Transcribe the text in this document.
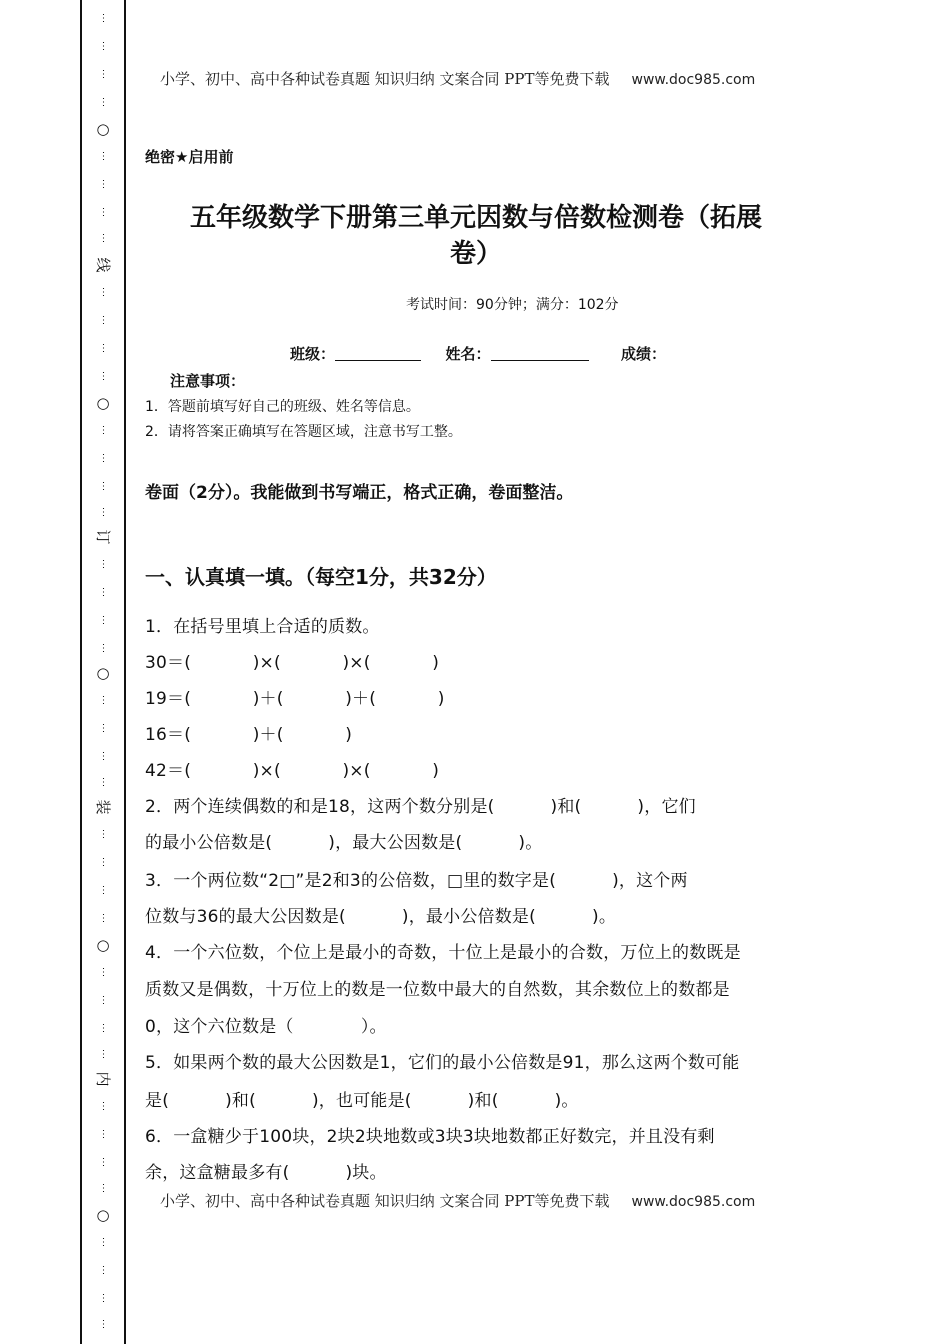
⋮
⋮
⋮
⋮
○
⋮
⋮
⋮
⋮
线
⋮
⋮
⋮
⋮
○
⋮
⋮
⋮
⋮
订
⋮
⋮
⋮
⋮
○
⋮
⋮
⋮
⋮
装
⋮
⋮
⋮
⋮
○
⋮
⋮
⋮
⋮
内
⋮
⋮
⋮
⋮
○
⋮
⋮
⋮
⋮
小学、初中、高中各种试卷真题 知识归纳 文案合同 PPT等免费下载 www.doc985.com
绝密★启用前
五年级数学下册第三单元因数与倍数检测卷（拓展
卷）
考试时间：90分钟；满分：102分
班级：	姓名：	成绩：
注意事项：
1．答题前填写好自己的班级、姓名等信息。
2．请将答案正确填写在答题区域，注意书写工整。
卷面（2分）。我能做到书写端正，格式正确，卷面整洁。
一、认真填一填。（每空1分，共32分）
1．在括号里填上合适的质数。
30＝(           )×(           )×(           )
19＝(           )＋(           )＋(           )
16＝(           )＋(           )
42＝(           )×(           )×(           )
2．两个连续偶数的和是18，这两个数分别是(          )和(          )，它们
的最小公倍数是(          )，最大公因数是(          )。
3．一个两位数“2□”是2和3的公倍数，□里的数字是(          )，这个两
位数与36的最大公因数是(          )，最小公倍数是(          )。
4．一个六位数，个位上是最小的奇数，十位上是最小的合数，万位上的数既是
质数又是偶数，十万位上的数是一位数中最大的自然数，其余数位上的数都是
0，这个六位数是（            ）。
5．如果两个数的最大公因数是1，它们的最小公倍数是91，那么这两个数可能
是(          )和(          )，也可能是(          )和(          )。
6．一盒糖少于100块，2块2块地数或3块3块地数都正好数完，并且没有剩
余，这盒糖最多有(          )块。
小学、初中、高中各种试卷真题 知识归纳 文案合同 PPT等免费下载 www.doc985.com
